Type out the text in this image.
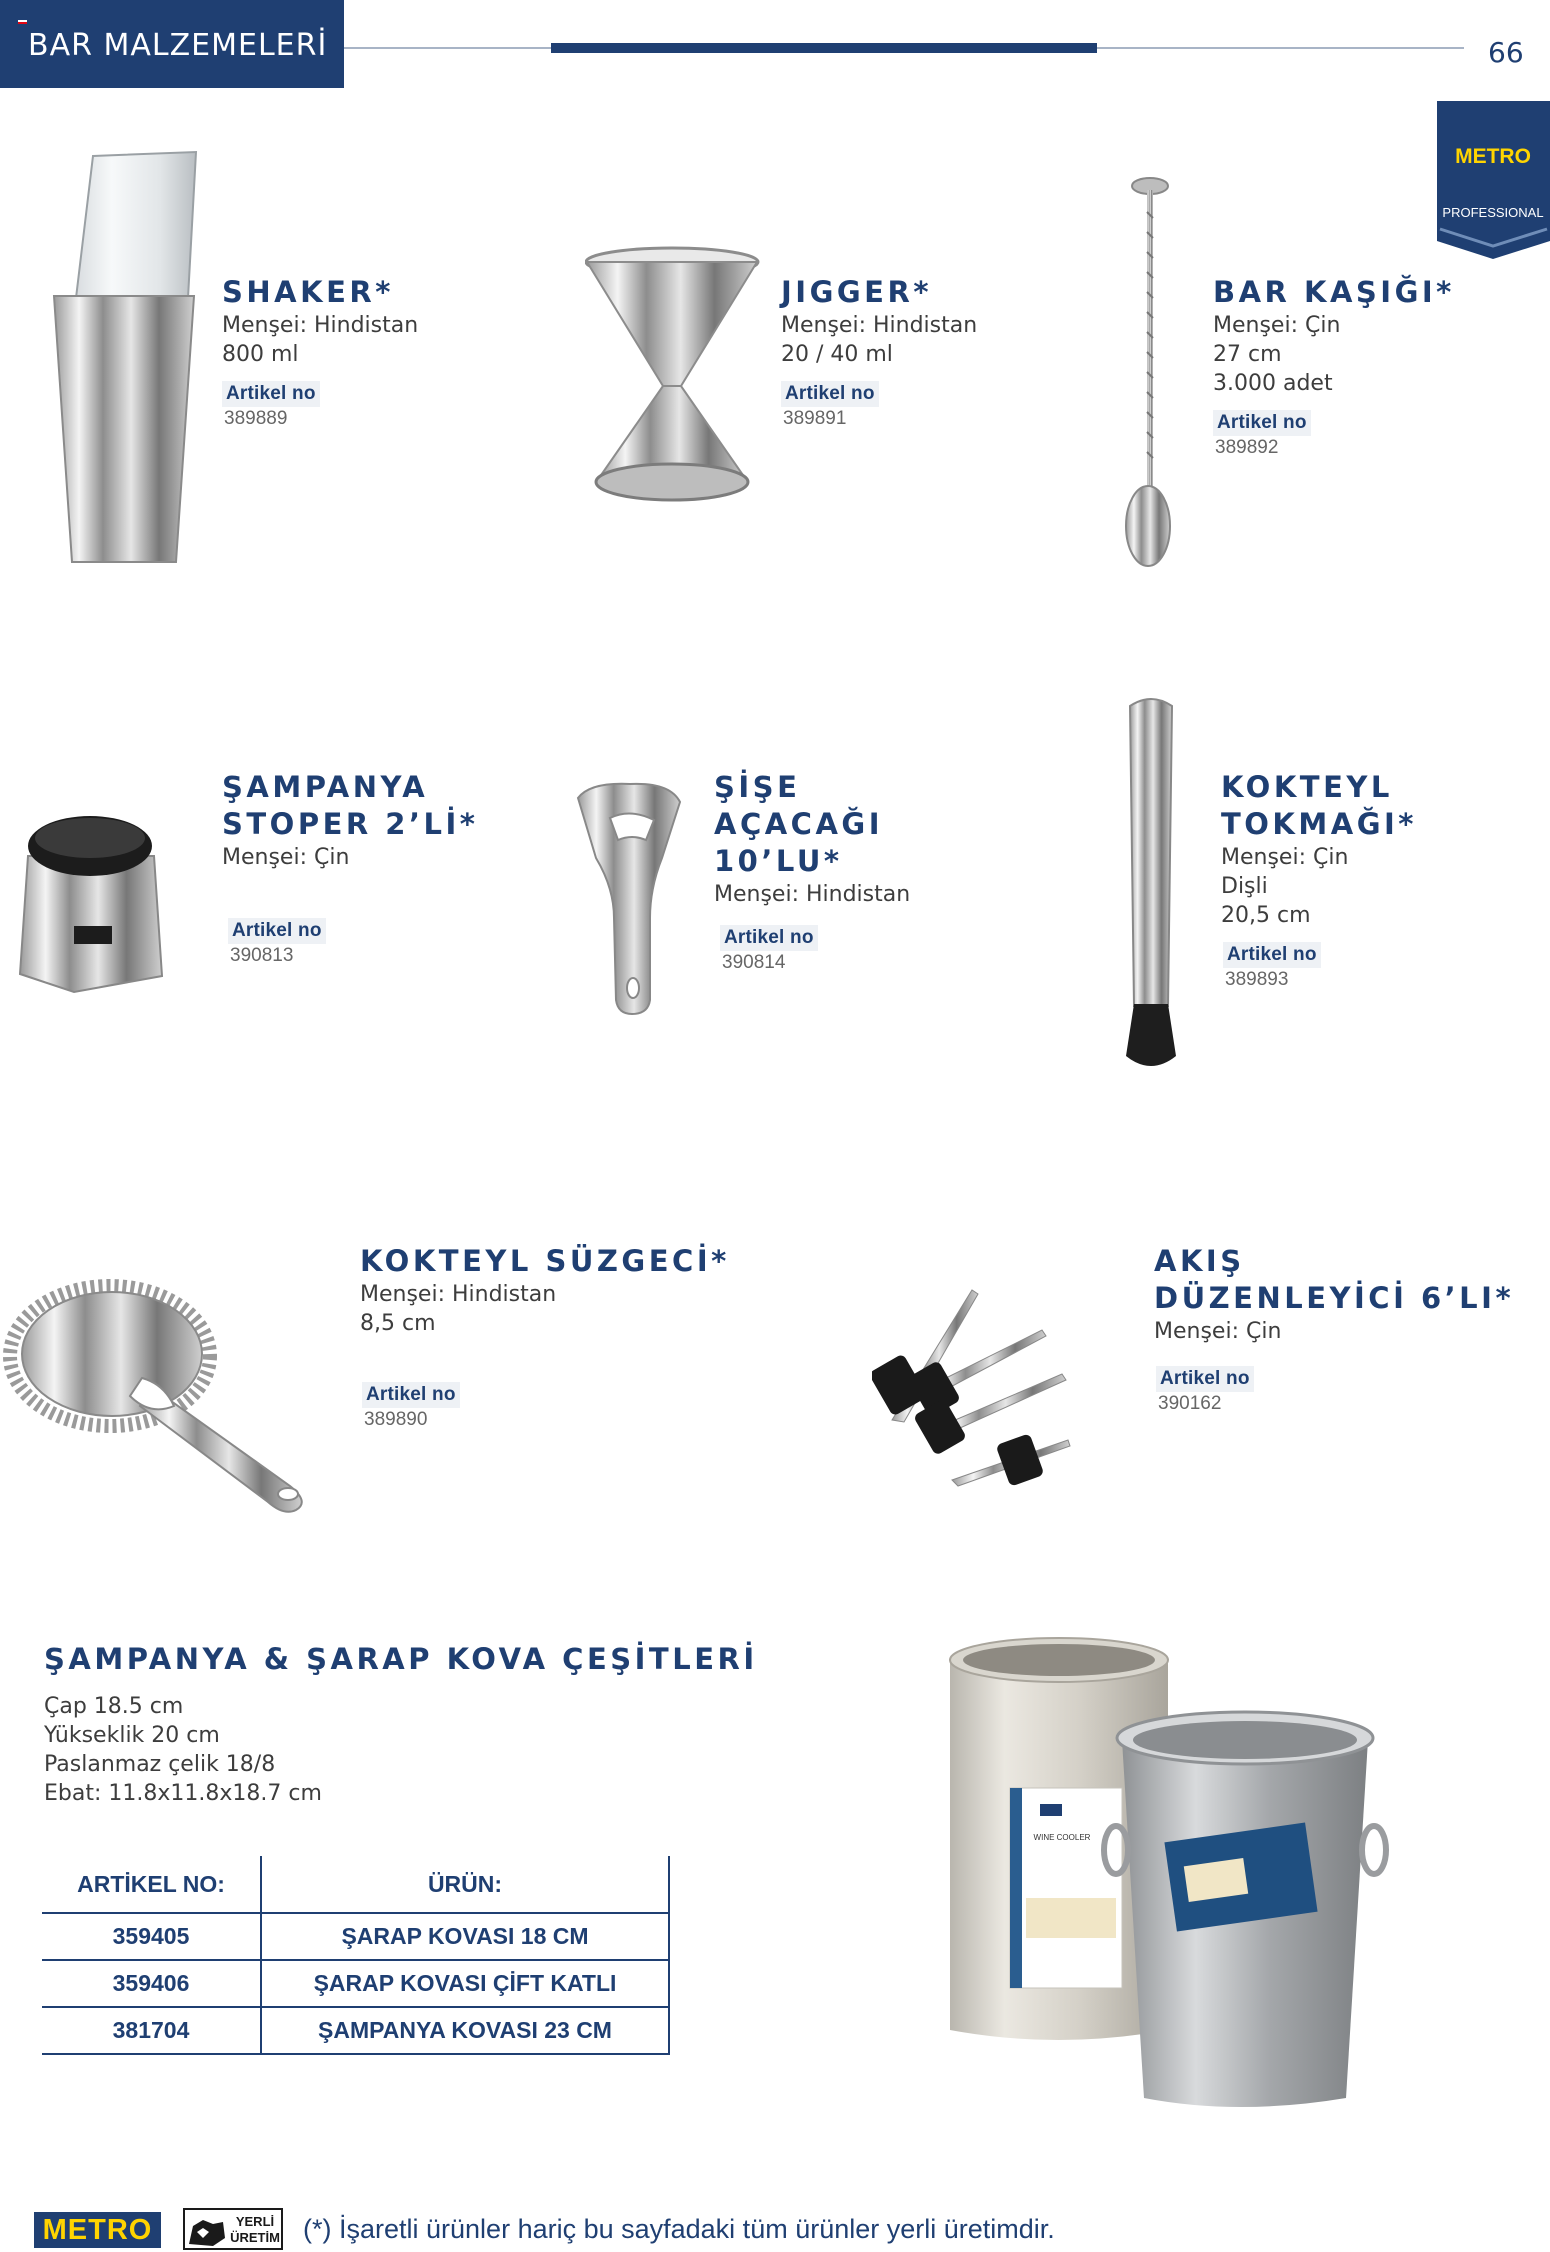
BAR MALZEMELERİ	66
METRO
PROFESSIONAL
SHAKER*
Menşei: Hindistan
800 ml
Artikel no
389889
JIGGER*
Menşei: Hindistan
20 / 40 ml
Artikel no
389891
BAR KAŞIĞI*
Menşei: Çin
27 cm
3.000 adet
Artikel no
389892
ŞAMPANYA
STOPER 2’Lİ*
Menşei: Çin
Artikel no
390813
ŞİŞE
AÇACAĞI
10’LU*
Menşei: Hindistan
Artikel no
390814
KOKTEYL
TOKMAĞI*
Menşei: Çin
Dişli
20,5 cm
Artikel no
389893
KOKTEYL SÜZGECİ*
Menşei: Hindistan
8,5 cm
Artikel no
389890
AKIŞ
DÜZENLEYİCİ 6’LI*
Menşei: Çin
Artikel no
390162
ŞAMPANYA & ŞARAP KOVA ÇEŞİTLERİ
Çap 18.5 cm
Yükseklik 20 cm
Paslanmaz çelik 18/8
Ebat: 11.8x11.8x18.7 cm
ARTİKEL NO:	ÜRÜN:
359405	ŞARAP KOVASI 18 CM
359406	ŞARAP KOVASI ÇİFT KATLI
381704	ŞAMPANYA KOVASI 23 CM
WINE COOLER
METRO	YERLİ
ÜRETİM (*) İşaretli ürünler hariç bu sayfadaki tüm ürünler yerli üretimdir.
